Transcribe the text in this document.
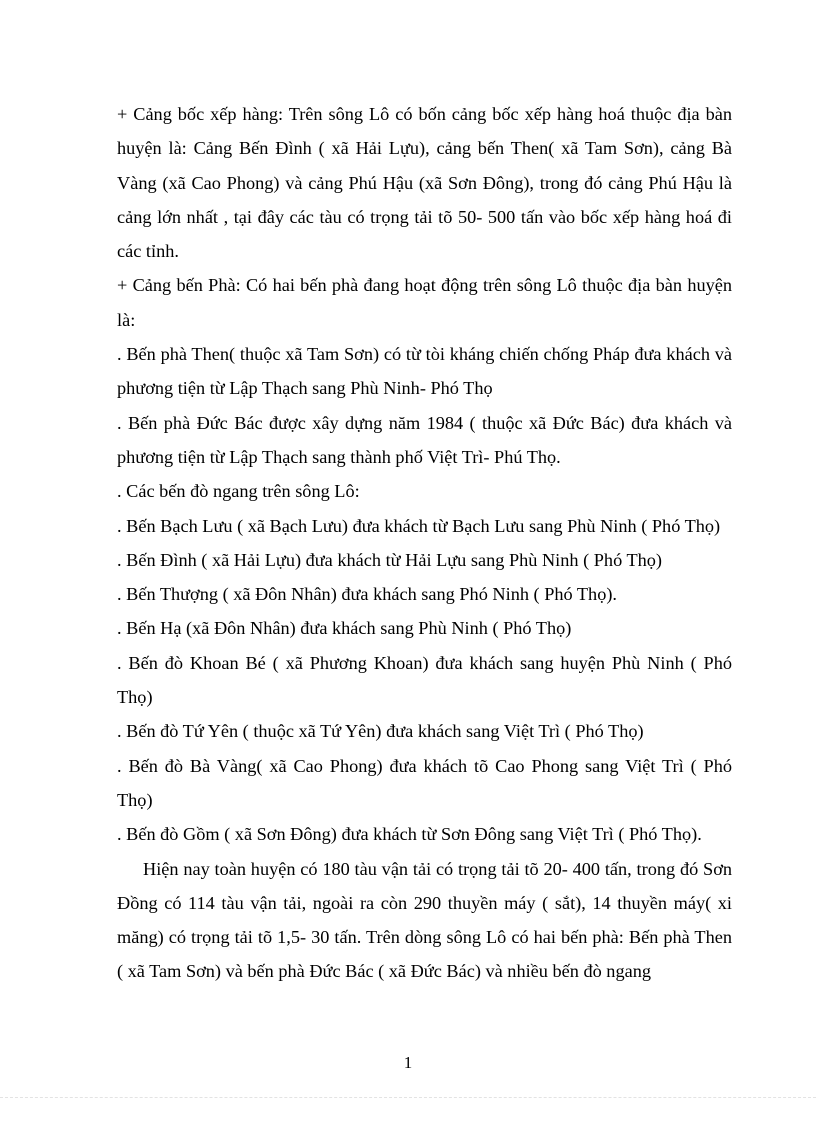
+ Cảng bốc xếp hàng: Trên sông Lô có bốn cảng bốc xếp hàng hoá thuộc địa bàn huyện là: Cảng Bến Đình ( xã Hải Lựu), cảng bến Then( xã Tam Sơn), cảng Bà Vàng (xã Cao Phong) và cảng Phú Hậu (xã Sơn Đông), trong đó cảng Phú Hậu là cảng lớn nhất , tại đây các tàu có trọng tải tõ 50- 500 tấn vào bốc xếp hàng hoá đi các tỉnh.

+ Cảng bến Phà: Có hai bến phà đang hoạt động trên sông Lô thuộc địa bàn huyện là:

. Bến phà Then( thuộc xã Tam Sơn) có từ tòi kháng chiến chống Pháp đưa khách và phương tiện từ Lập Thạch sang Phù Ninh- Phó Thọ

. Bến phà Đức Bác được xây dựng năm 1984 ( thuộc xã Đức Bác) đưa khách và phương tiện từ Lập Thạch sang thành phố Việt Trì- Phú Thọ.

. Các bến đò ngang trên sông Lô:

. Bến Bạch Lưu ( xã Bạch Lưu) đưa khách từ Bạch Lưu sang Phù Ninh ( Phó Thọ)

. Bến Đình ( xã Hải Lựu) đưa khách từ Hải Lựu sang Phù Ninh ( Phó Thọ)

. Bến Thượng ( xã Đôn Nhân) đưa khách sang Phó Ninh ( Phó Thọ).

. Bến Hạ (xã Đôn Nhân) đưa khách sang Phù Ninh ( Phó Thọ)

. Bến đò Khoan Bé ( xã Phương Khoan) đưa khách sang huyện Phù Ninh ( Phó Thọ)

. Bến đò Tứ Yên ( thuộc xã Tứ Yên) đưa khách sang Việt Trì ( Phó Thọ)

. Bến đò Bà Vàng( xã Cao Phong) đưa khách tõ Cao Phong sang Việt Trì ( Phó Thọ)

. Bến đò Gồm ( xã Sơn Đông) đưa khách từ Sơn Đông sang Việt Trì ( Phó Thọ).

Hiện nay toàn huyện có 180 tàu vận tải có trọng tải tõ 20- 400 tấn, trong đó Sơn Đồng có 114 tàu vận tải, ngoài ra còn 290 thuyền máy ( sắt), 14 thuyền máy( xi măng) có trọng tải tõ 1,5- 30 tấn. Trên dòng sông Lô có hai bến phà: Bến phà Then ( xã Tam Sơn) và bến phà Đức Bác ( xã Đức Bác) và nhiều bến đò ngang

1
